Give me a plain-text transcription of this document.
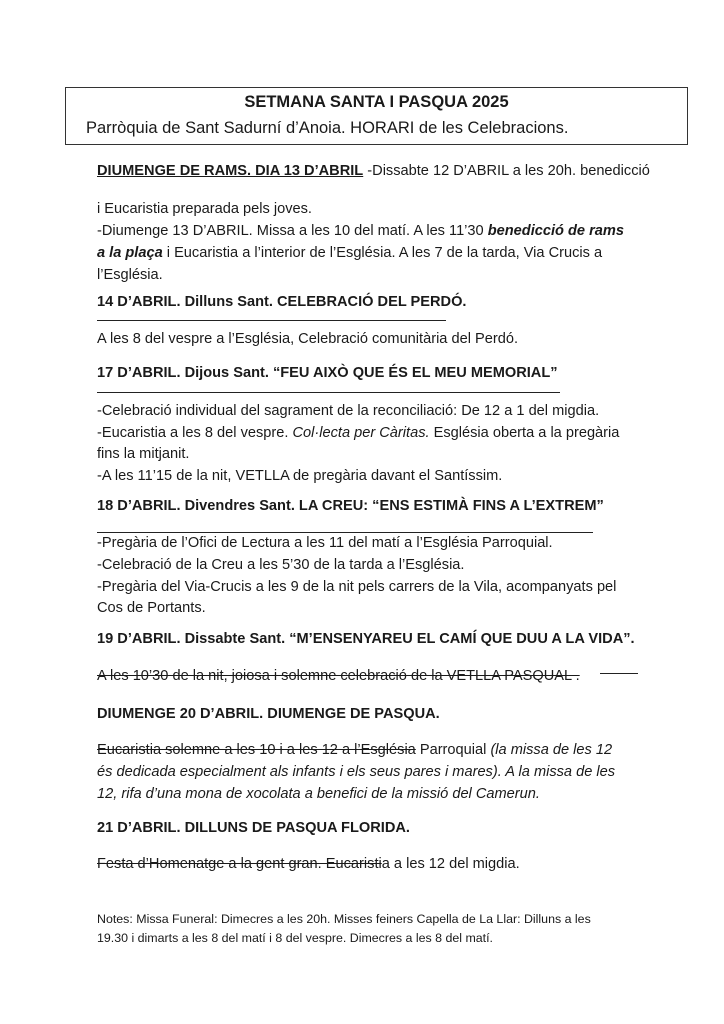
SETMANA SANTA I PASQUA 2025
Parròquia de Sant Sadurní d’Anoia. HORARI de les Celebracions.
DIUMENGE DE RAMS. DIA 13 D’ABRIL -Dissabte 12 D’ABRIL a les 20h. benedicció
i Eucaristia preparada pels joves.
-Diumenge 13 D’ABRIL. Missa a les 10 del matí. A les 11’30 benedicció de rams
a la plaça i Eucaristia a l’interior de l’Església. A les 7 de la tarda, Via Crucis a
l’Església.
14 D’ABRIL. Dilluns Sant. CELEBRACIÓ DEL PERDÓ.
A les 8 del vespre a l’Església, Celebració comunitària del Perdó.
17 D’ABRIL. Dijous Sant. “FEU AIXÒ QUE ÉS EL MEU MEMORIAL”
-Celebració individual del sagrament de la reconciliació: De 12 a 1 del migdia.
-Eucaristia a les 8 del vespre. Col·lecta per Càritas. Església oberta a la pregària
fins la mitjanit.
-A les 11’15 de la nit, VETLLA de pregària davant el Santíssim.
18 D’ABRIL. Divendres Sant. LA CREU: “ENS ESTIMÀ FINS A L’EXTREM”
-Pregària de l’Ofici de Lectura a les 11 del matí a l’Església Parroquial.
-Celebració de la Creu a les 5’30 de la tarda a l’Església.
-Pregària del Via-Crucis a les 9 de la nit pels carrers de la Vila, acompanyats pel
Cos de Portants.
19 D’ABRIL. Dissabte Sant. “M’ENSENYAREU EL CAMÍ QUE DUU A LA VIDA”.
A les 10’30 de la nit, joiosa i solemne celebració de la VETLLA PASQUAL .
DIUMENGE 20 D’ABRIL. DIUMENGE DE PASQUA.
Eucaristia solemne a les 10 i a les 12 a l’Església Parroquial (la missa de les 12
és dedicada especialment als infants i els seus pares i mares). A la missa de les
12, rifa d’una mona de xocolata a benefici de la missió del Camerun.
21 D’ABRIL. DILLUNS DE PASQUA FLORIDA.
Festa d’Homenatge a la gent gran. Eucaristia a les 12 del migdia.
Notes: Missa Funeral: Dimecres a les 20h. Misses feiners Capella de La Llar: Dilluns a les
19.30 i dimarts a les 8 del matí i 8 del vespre. Dimecres a les 8 del matí.
